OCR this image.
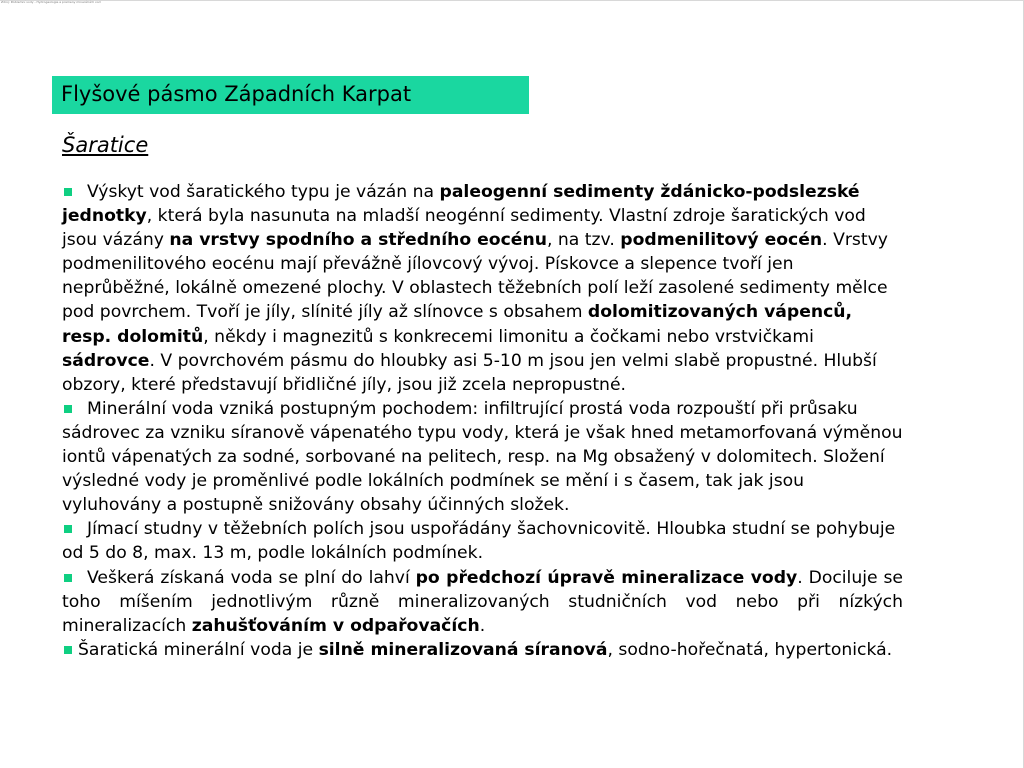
Zdroj: Podzemní vody - Hydrogeologie a prameny minerálních vod
Flyšové pásmo Západních Karpat
Šaratice

Výskyt vod šaratického typu je vázán na paleogenní sedimenty ždánicko-podslezské jednotky, která byla nasunuta na mladší neogénní sedimenty. Vlastní zdroje šaratických vod jsou vázány na vrstvy spodního a středního eocénu, na tzv. podmenilitový eocén. Vrstvy podmenilitového eocénu mají převážně jílovcový vývoj. Pískovce a slepence tvoří jen neprůběžné, lokálně omezené plochy. V oblastech těžebních polí leží zasolené sedimenty mělce pod povrchem. Tvoří je jíly, slínité jíly až slínovce s obsahem dolomitizovaných vápenců, resp. dolomitů, někdy i magnezitů s konkrecemi limonitu a čočkami nebo vrstvičkami sádrovce. V povrchovém pásmu do hloubky asi 5-10 m jsou jen velmi slabě propustné. Hlubší obzory, které představují břidličné jíly, jsou již zcela nepropustné.

Minerální voda vzniká postupným pochodem: infiltrující prostá voda rozpouští při průsaku sádrovec za vzniku síranově vápenatého typu vody, která je však hned metamorfovaná výměnou iontů vápenatých za sodné, sorbované na pelitech, resp. na Mg obsažený v dolomitech. Složení výsledné vody je proměnlivé podle lokálních podmínek se mění i s časem, tak jak jsou vyluhovány a postupně snižovány obsahy účinných složek.

Jímací studny v těžebních polích jsou uspořádány šachovnicovitě. Hloubka studní se pohybuje od 5 do 8, max. 13 m, podle lokálních podmínek.

Veškerá získaná voda se plní do lahví po předchozí úpravě mineralizace vody. Dociluje se toho míšením jednotlivým různě mineralizovaných studničních vod nebo při nízkých mineralizacích zahušťováním v odpařovačích.

Šaratická minerální voda je silně mineralizovaná síranová, sodno-hořečnatá, hypertonická.
